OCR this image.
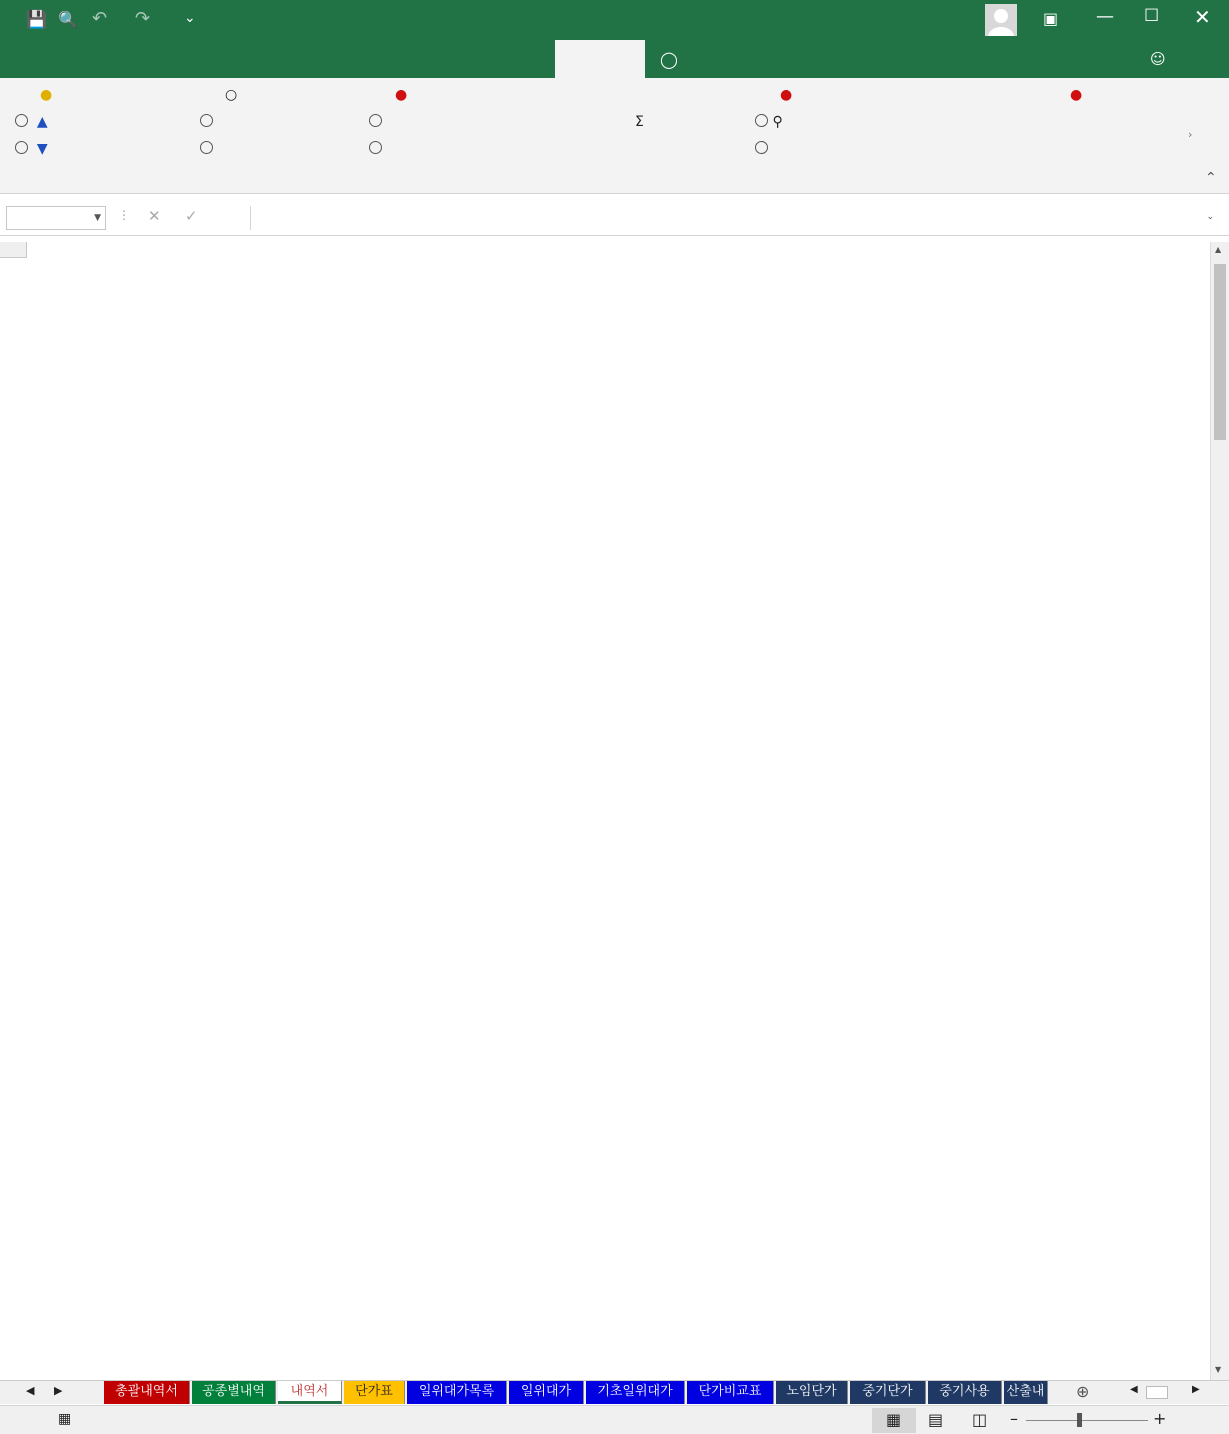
💾 🔍 ↶ ↷ ⌄	▣ — ☐ ✕
◯	☺
●	○	●	●	●
▲

	Σ	⚲
▼

⌃
›
▼ ⋮ ✕ ✓	⌄
▲
▼
◀ ▶	총괄내역서	공종별내역	내역서	단가표	일위대가목록	일위대가	기초일위대가	단가비교표	노임단가	중기단가	중기사용	산출내 ⊕	◀	▶
▦	▦ ▤ ◫ –	+
